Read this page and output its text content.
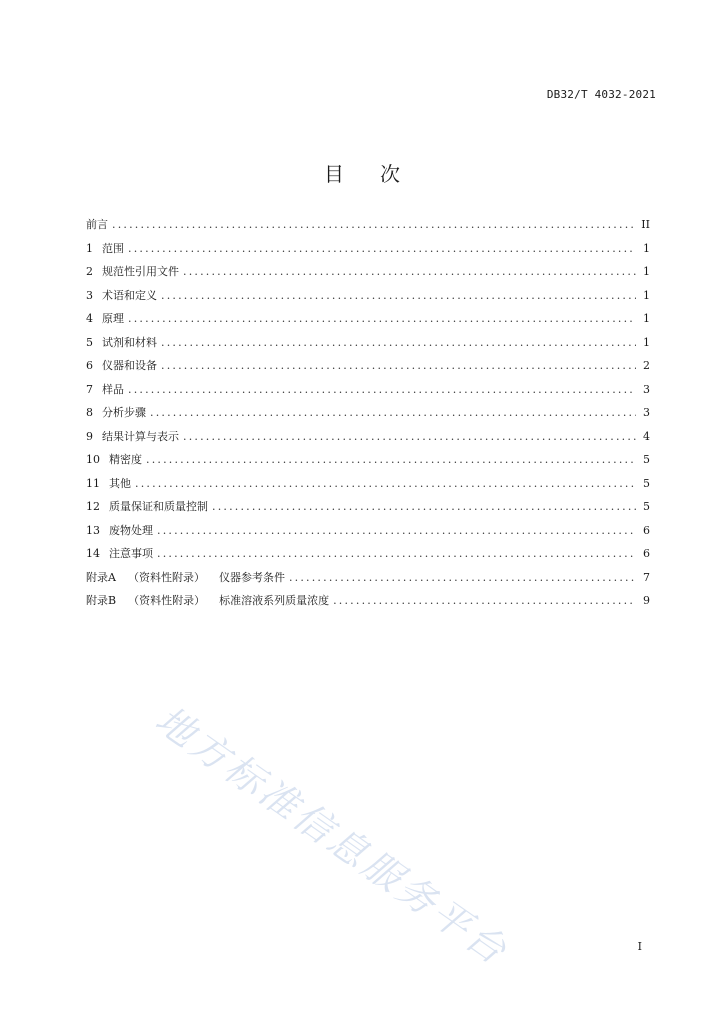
DB32/T 4032-2021
目 次
前言 .....	II
1 范围 .....	1
2 规范性引用文件 .....	1
3 术语和定义 .....	1
4 原理 .....	1
5 试剂和材料 .....	1
6 仪器和设备 .....	2
7 样品 .....	3
8 分析步骤 .....	3
9 结果计算与表示 .....	4
10 精密度 .....	5
11 其他 .....	5
12 质量保证和质量控制 .....	5
13 废物处理 .....	6
14 注意事项 .....	6
附录A （资料性附录） 仪器参考条件 .....	7
附录B （资料性附录） 标准溶液系列质量浓度 .....	9
地方标准信息服务平台	I
